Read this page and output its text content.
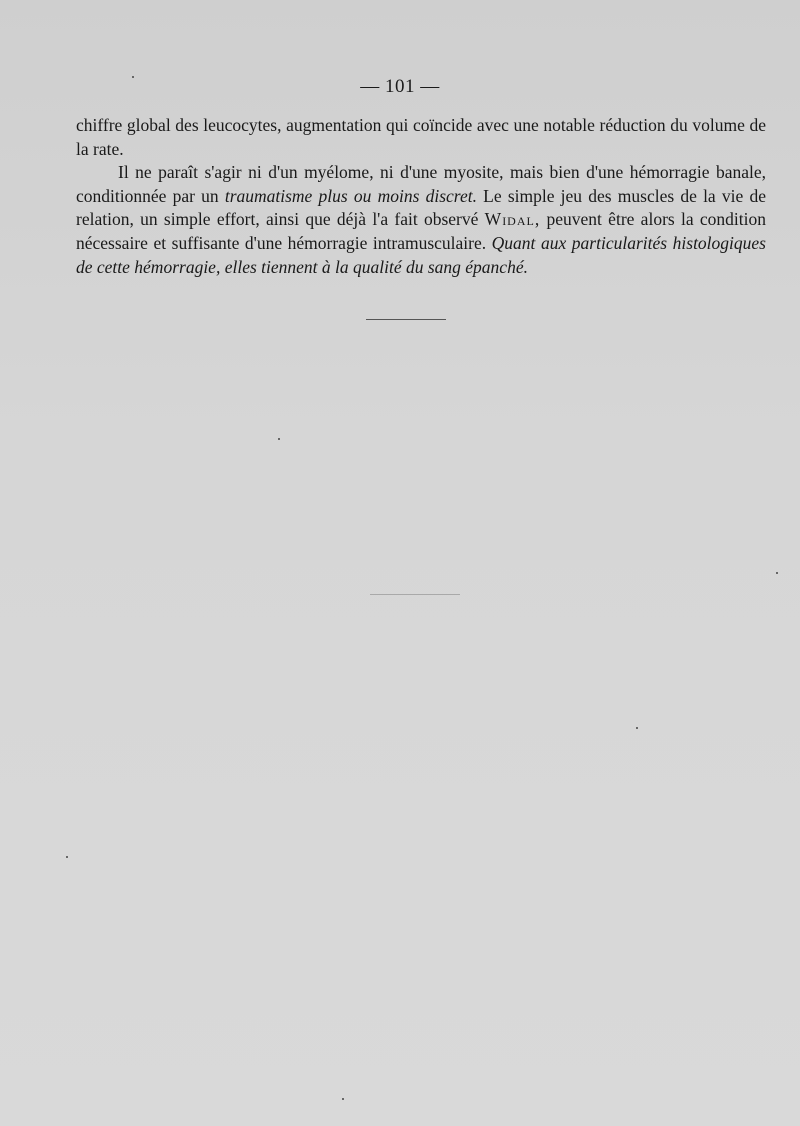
— 101 —

chiffre global des leucocytes, augmentation qui coïncide avec une notable réduction du volume de la rate.

Il ne paraît s'agir ni d'un myélome, ni d'une myosite, mais bien d'une hémorragie banale, conditionnée par un traumatisme plus ou moins discret. Le simple jeu des muscles de la vie de relation, un simple effort, ainsi que déjà l'a fait observé Widal, peuvent être alors la condition nécessaire et suffisante d'une hémorragie intramusculaire. Quant aux particularités histologiques de cette hémorragie, elles tiennent à la qualité du sang épanché.
